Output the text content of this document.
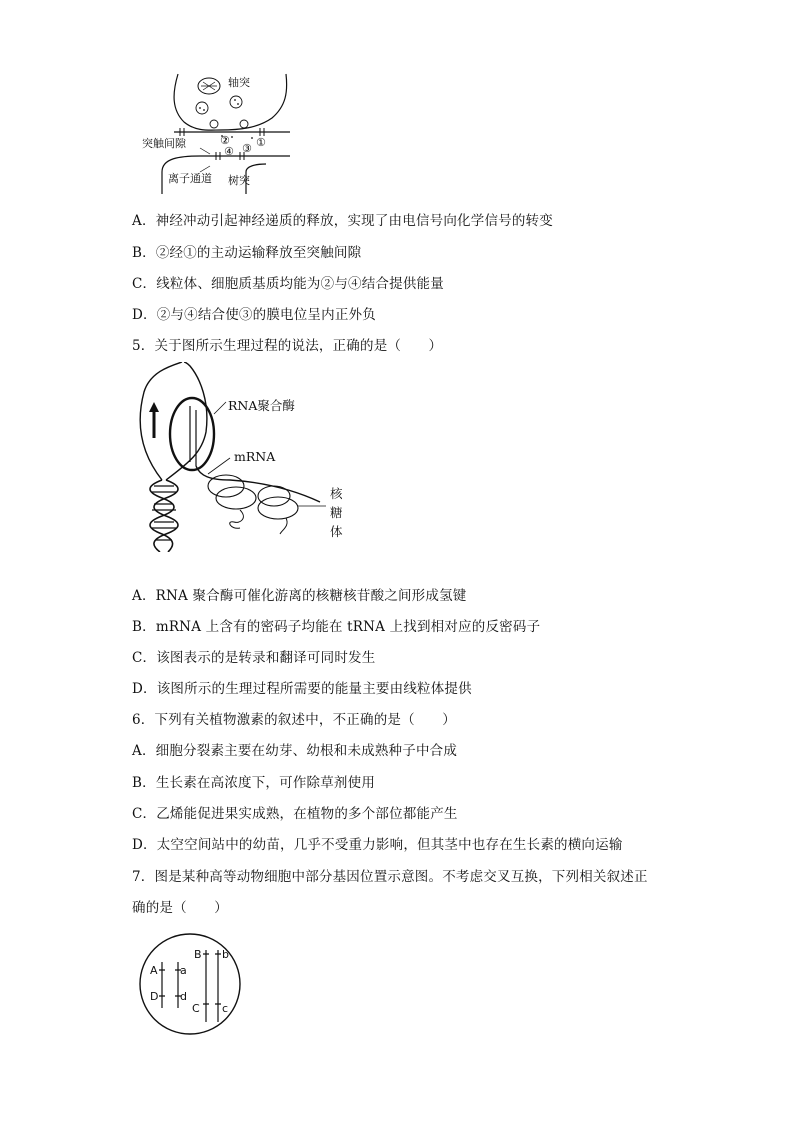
轴突
突触间隙
离子通道 树突
①
②
③
④
A．神经冲动引起神经递质的释放，实现了由电信号向化学信号的转变
B．②经①的主动运输释放至突触间隙
C．线粒体、细胞质基质均能为②与④结合提供能量
D．②与④结合使③的膜电位呈内正外负
5．关于图所示生理过程的说法，正确的是（　　）
RNA聚合酶
mRNA
核
糖
体
A．RNA 聚合酶可催化游离的核糖核苷酸之间形成氢键
B．mRNA 上含有的密码子均能在 tRNA 上找到相对应的反密码子
C．该图表示的是转录和翻译可同时发生
D．该图所示的生理过程所需要的能量主要由线粒体提供
6．下列有关植物激素的叙述中，不正确的是（　　）
A．细胞分裂素主要在幼芽、幼根和未成熟种子中合成
B．生长素在高浓度下，可作除草剂使用
C．乙烯能促进果实成熟，在植物的多个部位都能产生
D．太空空间站中的幼苗，几乎不受重力影响，但其茎中也存在生长素的横向运输
7．图是某种高等动物细胞中部分基因位置示意图。不考虑交叉互换，下列相关叙述正
确的是（　　）
A a
D d
B b
C c
